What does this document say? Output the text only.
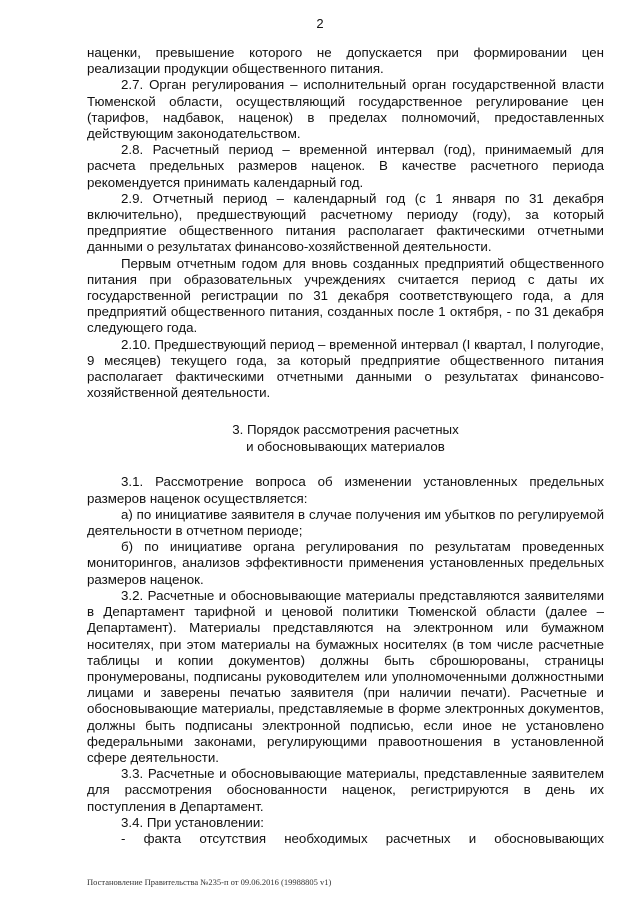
2

наценки, превышение которого не допускается при формировании цен реализации продукции общественного питания.

2.7. Орган регулирования – исполнительный орган государственной власти Тюменской области, осуществляющий государственное регулирование цен (тарифов, надбавок, наценок) в пределах полномочий, предоставленных действующим законодательством.

2.8. Расчетный период – временной интервал (год), принимаемый для расчета предельных размеров наценок. В качестве расчетного периода рекомендуется принимать календарный год.

2.9. Отчетный период – календарный год (с 1 января по 31 декабря включительно), предшествующий расчетному периоду (году), за который предприятие общественного питания располагает фактическими отчетными данными о результатах финансово-хозяйственной деятельности.

Первым отчетным годом для вновь созданных предприятий общественного питания при образовательных учреждениях считается период с даты их государственной регистрации по 31 декабря соответствующего года, а для предприятий общественного питания, созданных после 1 октября, - по 31 декабря следующего года.

2.10. Предшествующий период – временной интервал (I квартал, I полугодие, 9 месяцев) текущего года, за который предприятие общественного питания располагает фактическими отчетными данными о результатах финансово-хозяйственной деятельности.

3. Порядок рассмотрения расчетных
и обосновывающих материалов

3.1. Рассмотрение вопроса об изменении установленных предельных размеров наценок осуществляется:

а) по инициативе заявителя в случае получения им убытков по регулируемой деятельности в отчетном периоде;

б) по инициативе органа регулирования по результатам проведенных мониторингов, анализов эффективности применения установленных предельных размеров наценок.

3.2. Расчетные и обосновывающие материалы представляются заявителями в Департамент тарифной и ценовой политики Тюменской области (далее – Департамент). Материалы представляются на электронном или бумажном носителях, при этом материалы на бумажных носителях (в том числе расчетные таблицы и копии документов) должны быть сброшюрованы, страницы пронумерованы, подписаны руководителем или уполномоченными должностными лицами и заверены печатью заявителя (при наличии печати). Расчетные и обосновывающие материалы, представляемые в форме электронных документов, должны быть подписаны электронной подписью, если иное не установлено федеральными законами, регулирующими правоотношения в установленной сфере деятельности.

3.3. Расчетные и обосновывающие материалы, представленные заявителем для рассмотрения обоснованности наценок, регистрируются в день их поступления в Департамент.

3.4. При установлении:

- факта отсутствия необходимых расчетных и обосновывающих

Постановление Правительства №235-п от 09.06.2016 (19988805 v1)
